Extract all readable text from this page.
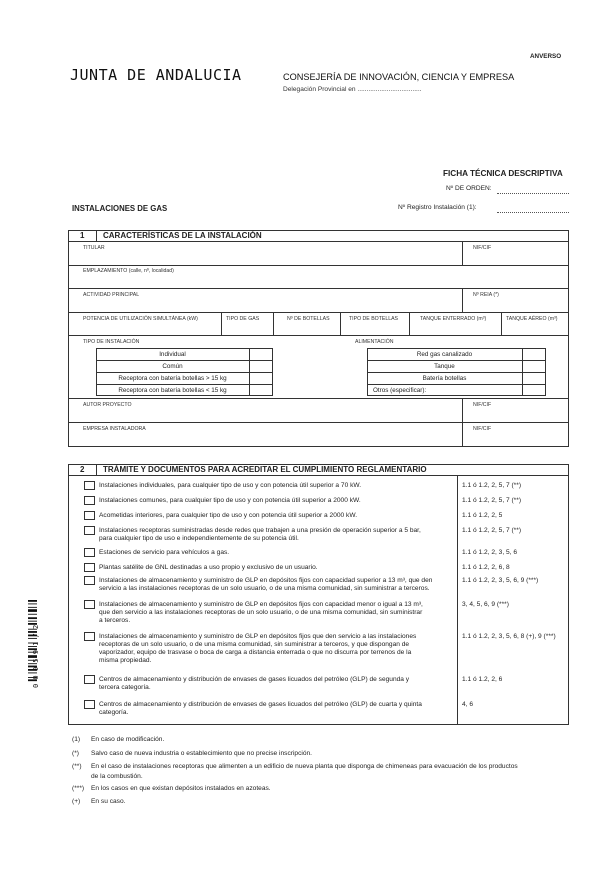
ANVERSO
JUNTA DE ANDALUCIA	CONSEJERÍA DE INNOVACIÓN, CIENCIA Y EMPRESA
Delegación Provincial en ...................................
FICHA TÉCNICA DESCRIPTIVA
Nº DE ORDEN:
INSTALACIONES DE GAS	Nº Registro Instalación (1):
1 CARACTERÍSTICAS DE LA INSTALACIÓN
TITULAR	NIF/CIF
EMPLAZAMIENTO (calle, nº, localidad)
ACTIVIDAD PRINCIPAL	Nº REIA (*)
POTENCIA DE UTILIZACIÓN SIMULTÁNEA (kW)	TIPO DE GAS	Nº DE BOTELLAS	TIPO DE BOTELLAS	TANQUE ENTERRADO (m³)	TANQUE AÉREO (m³)
TIPO DE INSTALACIÓN	ALIMENTACIÓN
Individual
Común
Receptora con batería botellas > 15 kg
Receptora con batería botellas < 15 kg
Red gas canalizado
Tanque
Batería botellas
Otros (especificar):
AUTOR PROYECTO	NIF/CIF
EMPRESA INSTALADORA	NIF/CIF
2 TRÁMITE Y DOCUMENTOS PARA ACREDITAR EL CUMPLIMIENTO REGLAMENTARIO
Instalaciones individuales, para cualquier tipo de uso y con potencia útil superior a 70 kW.	1.1 ó 1.2, 2, 5, 7 (**)
Instalaciones comunes, para cualquier tipo de uso y con potencia útil superior a 2000 kW.	1.1 ó 1.2, 2, 5, 7 (**)
Acometidas interiores, para cualquier tipo de uso y con potencia útil superior a 2000 kW.	1.1 ó 1.2, 2, 5
Instalaciones receptoras suministradas desde redes que trabajen a una presión de operación superior a 5 bar,
para cualquier tipo de uso e independientemente de su potencia útil.
1.1 ó 1.2, 2, 5, 7 (**)
Estaciones de servicio para vehículos a gas.	1.1 ó 1.2, 2, 3, 5, 6
Plantas satélite de GNL destinadas a uso propio y exclusivo de un usuario.	1.1 ó 1.2, 2, 6, 8
Instalaciones de almacenamiento y suministro de GLP en depósitos fijos con capacidad superior a 13 m³, que den
servicio a las instalaciones receptoras de un solo usuario, o de una misma comunidad, sin suministrar a terceros.
1.1 ó 1.2, 2, 3, 5, 6, 9 (***)
Instalaciones de almacenamiento y suministro de GLP en depósitos fijos con capacidad menor o igual a 13 m³,
que den servicio a las instalaciones receptoras de un solo usuario, o de una misma comunidad, sin suministrar
a terceros.
3, 4, 5, 6, 9 (***)
Instalaciones de almacenamiento y suministro de GLP en depósitos fijos que den servicio a las instalaciones
receptoras de un solo usuario, o de una misma comunidad, sin suministrar a terceros, y que dispongan de
vaporizador, equipo de trasvase o boca de carga a distancia enterrada o que no discurra por terrenos de la
misma propiedad.
1.1 ó 1.2, 2, 3, 5, 6, 8 (+), 9 (***)
Centros de almacenamiento y distribución de envases de gases licuados del petróleo (GLP) de segunda y
tercera categoría.
1.1 ó 1.2, 2, 6
Centros de almacenamiento y distribución de envases de gases licuados del petróleo (GLP) de cuarta y quinta
categoría.
4, 6
(1) En caso de modificación.
(*) Salvo caso de nueva industria o establecimiento que no precise inscripción.
(**) En el caso de instalaciones receptoras que alimenten a un edificio de nueva planta que disponga de chimeneas para evacuación de los productos
de la combustión.
(***) En los casos en que existan depósitos instalados en azoteas.
(+) En su caso.
0 0 0 5 9 1 / 2
